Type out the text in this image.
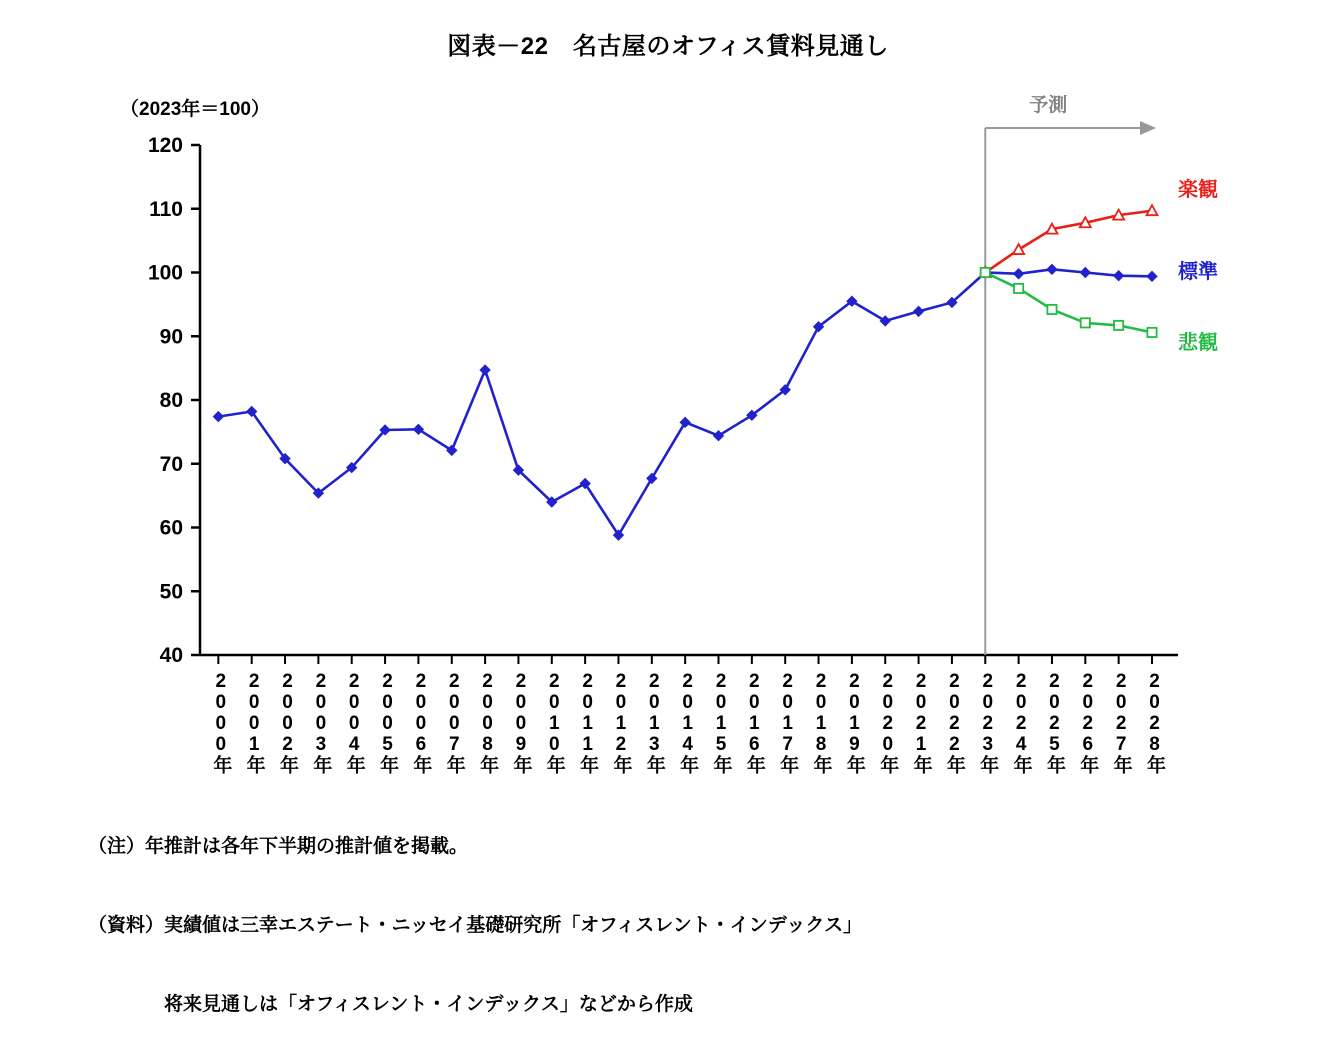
図表－22　名古屋のオフィス賃料見通し
（2023年＝100）
40
50
60
70
80
90
100
110
120
2000年 2001年 2002年 2003年 2004年 2005年 2006年 2007年 2008年 2009年 2010年 2011年 2012年 2013年 2014年 2015年 2016年 2017年 2018年 2019年 2020年 2021年 2022年 2023年 2024年 2025年 2026年 2027年 2028年
予測
楽観
標準
悲観

（注）年推計は各年下半期の推計値を掲載。

（資料）実績値は三幸エステート・ニッセイ基礎研究所「オフィスレント・インデックス」

　　　　将来見通しは「オフィスレント・インデックス」などから作成
